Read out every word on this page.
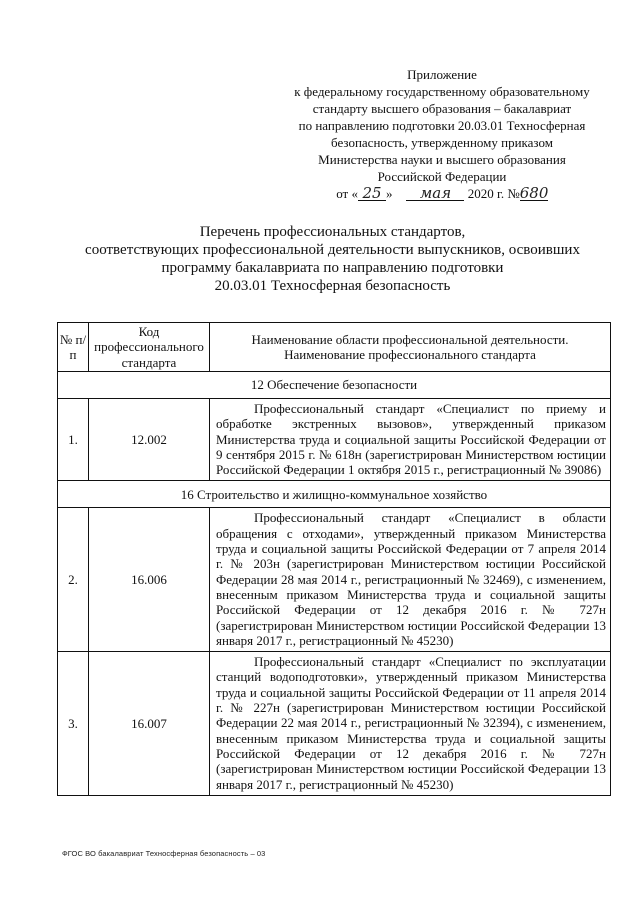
Приложение
к федеральному государственному образовательному
стандарту высшего образования – бакалавриат
по направлению подготовки 20.03.01 Техносферная
безопасность, утвержденному приказом
Министерства науки и высшего образования
Российской Федерации
от « 25 » мая 2020 г. №680
Перечень профессиональных стандартов,
соответствующих профессиональной деятельности выпускников, освоивших
программу бакалавриата по направлению подготовки
20.03.01 Техносферная безопасность
№ п/п	Код профессионального стандарта	Наименование области профессиональной деятельности. Наименование профессионального стандарта
12 Обеспечение безопасности		
1.	12.002	Профессиональный стандарт «Специалист по приему и обработке экстренных вызовов», утвержденный приказом Министерства труда и социальной защиты Российской Федерации от 9 сентября 2015 г. № 618н (зарегистрирован Министерством юстиции Российской Федерации 1 октября 2015 г., регистрационный № 39086)

16 Строительство и жилищно-коммунальное хозяйство		
2.	16.006	Профессиональный стандарт «Специалист в области обращения с отходами», утвержденный приказом Министерства труда и социальной защиты Российской Федерации от 7 апреля 2014 г. № 203н (зарегистрирован Министерством юстиции Российской Федерации 28 мая 2014 г., регистрационный № 32469), с изменением, внесенным приказом Министерства труда и социальной защиты Российской Федерации от 12 декабря 2016 г. № 727н (зарегистрирован Министерством юстиции Российской Федерации 13 января 2017 г., регистрационный № 45230)

3.	16.007	Профессиональный стандарт «Специалист по эксплуатации станций водоподготовки», утвержденный приказом Министерства труда и социальной защиты Российской Федерации от 11 апреля 2014 г. № 227н (зарегистрирован Министерством юстиции Российской Федерации 22 мая 2014 г., регистрационный № 32394), с изменением, внесенным приказом Министерства труда и социальной защиты Российской Федерации от 12 декабря 2016 г. № 727н (зарегистрирован Министерством юстиции Российской Федерации 13 января 2017 г., регистрационный № 45230)

ФГОС ВО бакалавриат Техносферная безопасность – 03
